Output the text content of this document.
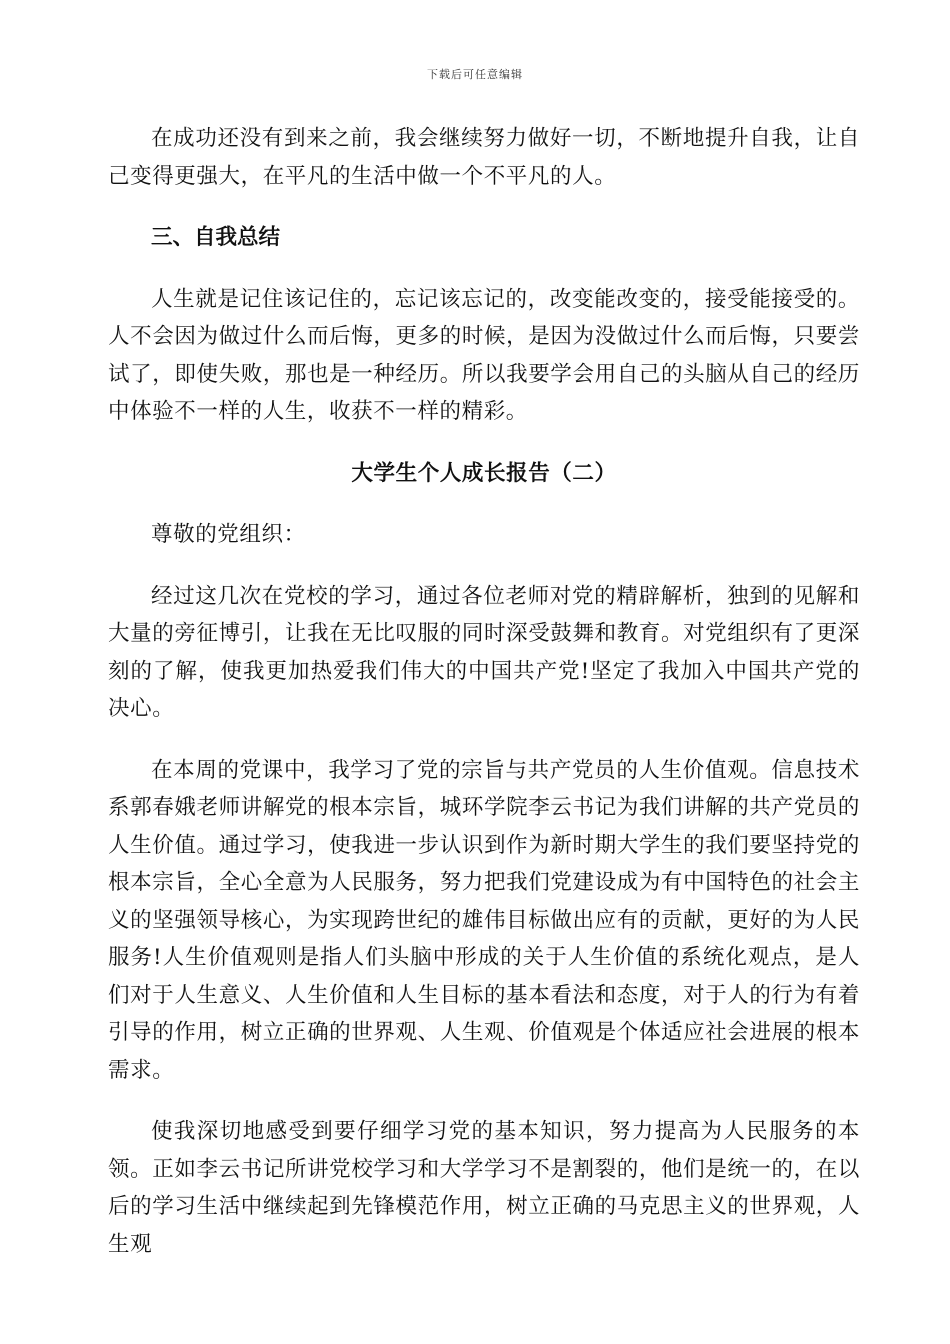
下载后可任意编辑

在成功还没有到来之前，我会继续努力做好一切，不断地提升自我，让自己变得更强大，在平凡的生活中做一个不平凡的人。

三、自我总结

人生就是记住该记住的，忘记该忘记的，改变能改变的，接受能接受的。人不会因为做过什么而后悔，更多的时候，是因为没做过什么而后悔，只要尝试了，即使失败，那也是一种经历。所以我要学会用自己的头脑从自己的经历中体验不一样的人生，收获不一样的精彩。

大学生个人成长报告（二）

尊敬的党组织：

经过这几次在党校的学习，通过各位老师对党的精辟解析，独到的见解和大量的旁征博引，让我在无比叹服的同时深受鼓舞和教育。对党组织有了更深刻的了解，使我更加热爱我们伟大的中国共产党!坚定了我加入中国共产党的决心。

在本周的党课中，我学习了党的宗旨与共产党员的人生价值观。信息技术系郭春娥老师讲解党的根本宗旨，城环学院李云书记为我们讲解的共产党员的人生价值。通过学习，使我进一步认识到作为新时期大学生的我们要坚持党的根本宗旨，全心全意为人民服务，努力把我们党建设成为有中国特色的社会主义的坚强领导核心，为实现跨世纪的雄伟目标做出应有的贡献，更好的为人民服务!人生价值观则是指人们头脑中形成的关于人生价值的系统化观点，是人们对于人生意义、人生价值和人生目标的基本看法和态度，对于人的行为有着引导的作用，树立正确的世界观、人生观、价值观是个体适应社会进展的根本需求。

使我深切地感受到要仔细学习党的基本知识，努力提高为人民服务的本领。正如李云书记所讲党校学习和大学学习不是割裂的，他们是统一的，在以后的学习生活中继续起到先锋模范作用，树立正确的马克思主义的世界观，人生观
